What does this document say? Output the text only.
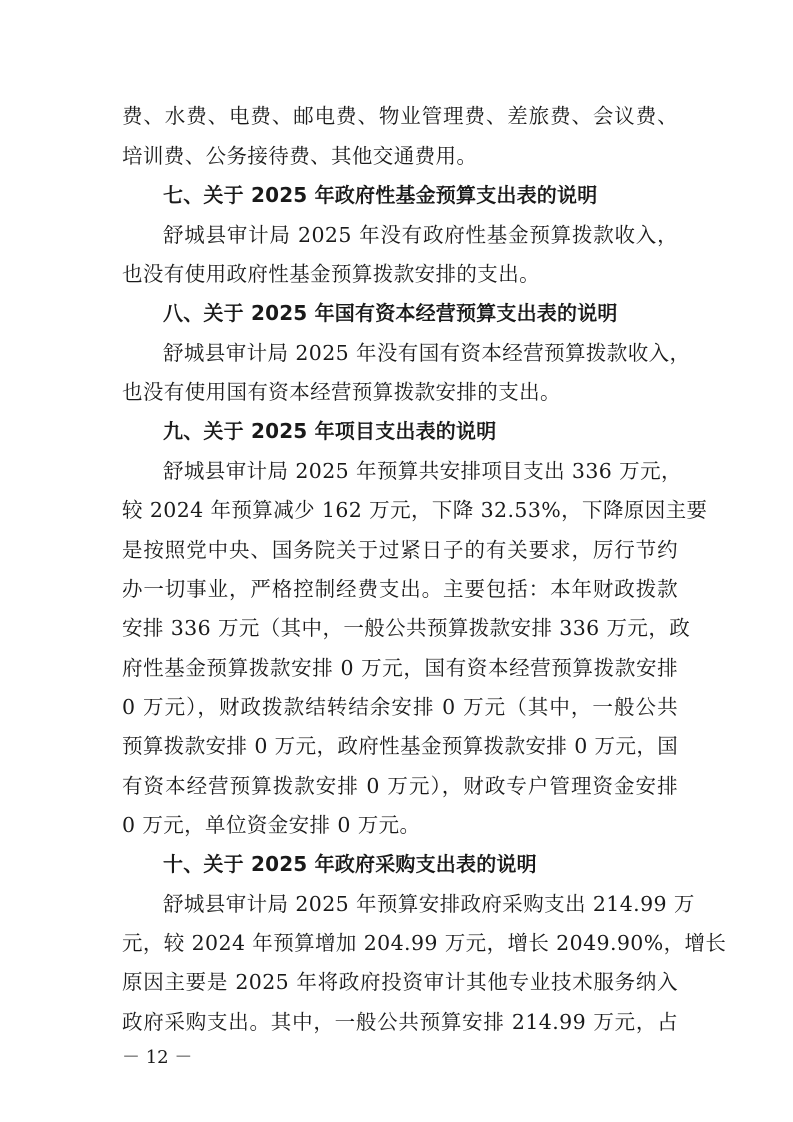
费、水费、电费、邮电费、物业管理费、差旅费、会议费、
培训费、公务接待费、其他交通费用。
七、关于 2025 年政府性基金预算支出表的说明
舒城县审计局 2025 年没有政府性基金预算拨款收入，
也没有使用政府性基金预算拨款安排的支出。
八、关于 2025 年国有资本经营预算支出表的说明
舒城县审计局 2025 年没有国有资本经营预算拨款收入，
也没有使用国有资本经营预算拨款安排的支出。
九、关于 2025 年项目支出表的说明
舒城县审计局 2025 年预算共安排项目支出 336 万元，
较 2024 年预算减少 162 万元，下降 32.53%，下降原因主要
是按照党中央、国务院关于过紧日子的有关要求，厉行节约
办一切事业，严格控制经费支出。主要包括：本年财政拨款
安排 336 万元（其中，一般公共预算拨款安排 336 万元，政
府性基金预算拨款安排 0 万元，国有资本经营预算拨款安排
0 万元），财政拨款结转结余安排 0 万元（其中，一般公共
预算拨款安排 0 万元，政府性基金预算拨款安排 0 万元，国
有资本经营预算拨款安排 0 万元），财政专户管理资金安排
0 万元，单位资金安排 0 万元。
十、关于 2025 年政府采购支出表的说明
舒城县审计局 2025 年预算安排政府采购支出 214.99 万
元，较 2024 年预算增加 204.99 万元，增长 2049.90%，增长
原因主要是 2025 年将政府投资审计其他专业技术服务纳入
政府采购支出。其中，一般公共预算安排 214.99 万元，占
－ 12 －
